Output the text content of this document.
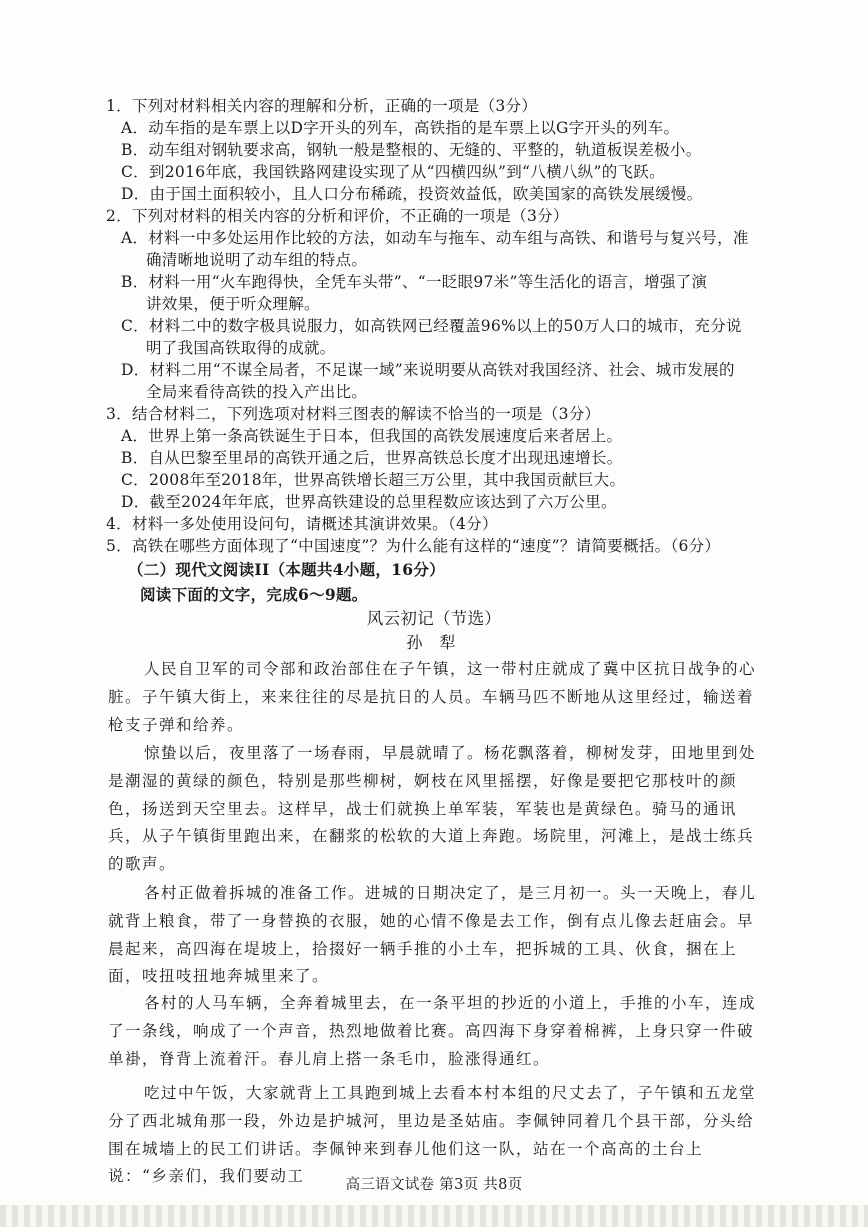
1．下列对材料相关内容的理解和分析，正确的一项是（3分）
A．动车指的是车票上以D字开头的列车，高铁指的是车票上以G字开头的列车。
B．动车组对钢轨要求高，钢轨一般是整根的、无缝的、平整的，轨道板误差极小。
C．到2016年底，我国铁路网建设实现了从“四横四纵”到“八横八纵”的飞跃。
D．由于国土面积较小，且人口分布稀疏，投资效益低，欧美国家的高铁发展缓慢。
2．下列对材料的相关内容的分析和评价，不正确的一项是（3分）
A．材料一中多处运用作比较的方法，如动车与拖车、动车组与高铁、和谐号与复兴号，准
确清晰地说明了动车组的特点。
B．材料一用“火车跑得快，全凭车头带”、“一眨眼97米”等生活化的语言，增强了演
讲效果，便于听众理解。
C．材料二中的数字极具说服力，如高铁网已经覆盖96%以上的50万人口的城市，充分说
明了我国高铁取得的成就。
D．材料二用“不谋全局者，不足谋一域”来说明要从高铁对我国经济、社会、城市发展的
全局来看待高铁的投入产出比。
3．结合材料二，下列选项对材料三图表的解读不恰当的一项是（3分）
A．世界上第一条高铁诞生于日本，但我国的高铁发展速度后来者居上。
B．自从巴黎至里昂的高铁开通之后，世界高铁总长度才出现迅速增长。
C．2008年至2018年，世界高铁增长超三万公里，其中我国贡献巨大。
D．截至2024年年底，世界高铁建设的总里程数应该达到了六万公里。
4．材料一多处使用设问句，请概述其演讲效果。（4分）
5．高铁在哪些方面体现了“中国速度”？为什么能有这样的“速度”？请简要概括。（6分）
（二）现代文阅读II（本题共4小题，16分）
阅读下面的文字，完成6～9题。
风云初记（节选）
孙 犁
人民自卫军的司令部和政治部住在子午镇，这一带村庄就成了冀中区抗日战争的心脏。子午镇大街上，来来往往的尽是抗日的人员。车辆马匹不断地从这里经过，输送着枪支子弹和给养。
惊蛰以后，夜里落了一场春雨，早晨就晴了。杨花飘落着，柳树发芽，田地里到处是潮湿的黄绿的颜色，特别是那些柳树，婀枝在风里摇摆，好像是要把它那枝叶的颜色，扬送到天空里去。这样早，战士们就换上单军装，军装也是黄绿色。骑马的通讯兵，从子午镇街里跑出来，在翻浆的松软的大道上奔跑。场院里，河滩上，是战士练兵的歌声。
各村正做着拆城的准备工作。进城的日期决定了，是三月初一。头一天晚上，春儿就背上粮食，带了一身替换的衣服，她的心情不像是去工作，倒有点儿像去赶庙会。早晨起来，高四海在堤坡上，拾掇好一辆手推的小土车，把拆城的工具、伙食，捆在上面，吱扭吱扭地奔城里来了。
各村的人马车辆，全奔着城里去，在一条平坦的抄近的小道上，手推的小车，连成了一条线，响成了一个声音，热烈地做着比赛。高四海下身穿着棉裤，上身只穿一件破单褂，脊背上流着汗。春儿肩上搭一条毛巾，脸涨得通红。
吃过中午饭，大家就背上工具跑到城上去看本村本组的尺丈去了，子午镇和五龙堂分了西北城角那一段，外边是护城河，里边是圣姑庙。李佩钟同着几个县干部，分头给围在城墙上的民工们讲话。李佩钟来到春儿他们这一队，站在一个高高的土台上说：“乡亲们，我们要动工	高三语文试卷 第3页 共8页
